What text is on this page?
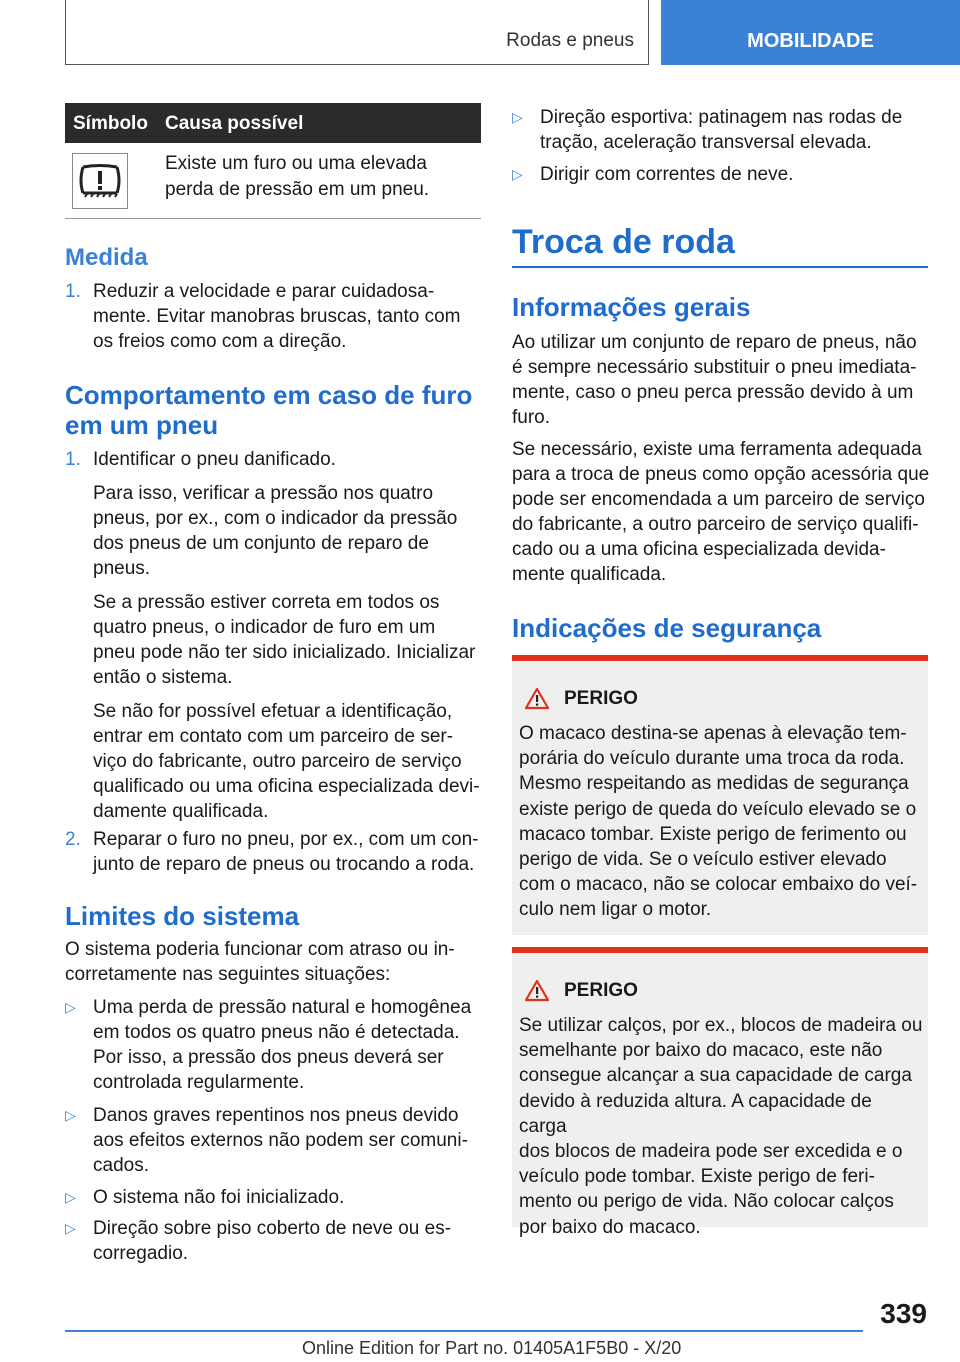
Rodas e pneus	MOBILIDADE
Símbolo Causa possível
Existe um furo ou uma elevada
perda de pressão em um pneu.
Medida
1. Reduzir a velocidade e parar cuidadosa-
mente. Evitar manobras bruscas, tanto com
os freios como com a direção.
Comportamento em caso de furo
em um pneu
1. Identificar o pneu danificado.

Para isso, verificar a pressão nos quatro
pneus, por ex., com o indicador da pressão
dos pneus de um conjunto de reparo de
pneus.

Se a pressão estiver correta em todos os
quatro pneus, o indicador de furo em um
pneu pode não ter sido inicializado. Inicializar
então o sistema.

Se não for possível efetuar a identificação,
entrar em contato com um parceiro de ser-
viço do fabricante, outro parceiro de serviço
qualificado ou uma oficina especializada devi-
damente qualificada.

2. Reparar o furo no pneu, por ex., com um con-
junto de reparo de pneus ou trocando a roda.
Limites do sistema
O sistema poderia funcionar com atraso ou in-
corretamente nas seguintes situações:
▷ Uma perda de pressão natural e homogênea
em todos os quatro pneus não é detectada.
Por isso, a pressão dos pneus deverá ser
controlada regularmente.
▷ Danos graves repentinos nos pneus devido
aos efeitos externos não podem ser comuni-
cados.
▷ O sistema não foi inicializado.
▷ Direção sobre piso coberto de neve ou es-
corregadio.
▷ Direção esportiva: patinagem nas rodas de
tração, aceleração transversal elevada.
▷ Dirigir com correntes de neve.
Troca de roda
Informações gerais
Ao utilizar um conjunto de reparo de pneus, não
é sempre necessário substituir o pneu imediata-
mente, caso o pneu perca pressão devido à um
furo.
Se necessário, existe uma ferramenta adequada
para a troca de pneus como opção acessória que
pode ser encomendada a um parceiro de serviço
do fabricante, a outro parceiro de serviço qualifi-
cado ou a uma oficina especializada devida-
mente qualificada.
Indicações de segurança
PERIGO
O macaco destina-se apenas à elevação tem-
porária do veículo durante uma troca da roda.
Mesmo respeitando as medidas de segurança
existe perigo de queda do veículo elevado se o
macaco tombar. Existe perigo de ferimento ou
perigo de vida. Se o veículo estiver elevado
com o macaco, não se colocar embaixo do veí-
culo nem ligar o motor.
PERIGO
Se utilizar calços, por ex., blocos de madeira ou
semelhante por baixo do macaco, este não
consegue alcançar a sua capacidade de carga
devido à reduzida altura. A capacidade de carga
dos blocos de madeira pode ser excedida e o
veículo pode tombar. Existe perigo de feri-
mento ou perigo de vida. Não colocar calços
por baixo do macaco.
339
Online Edition for Part no. 01405A1F5B0 - X/20
